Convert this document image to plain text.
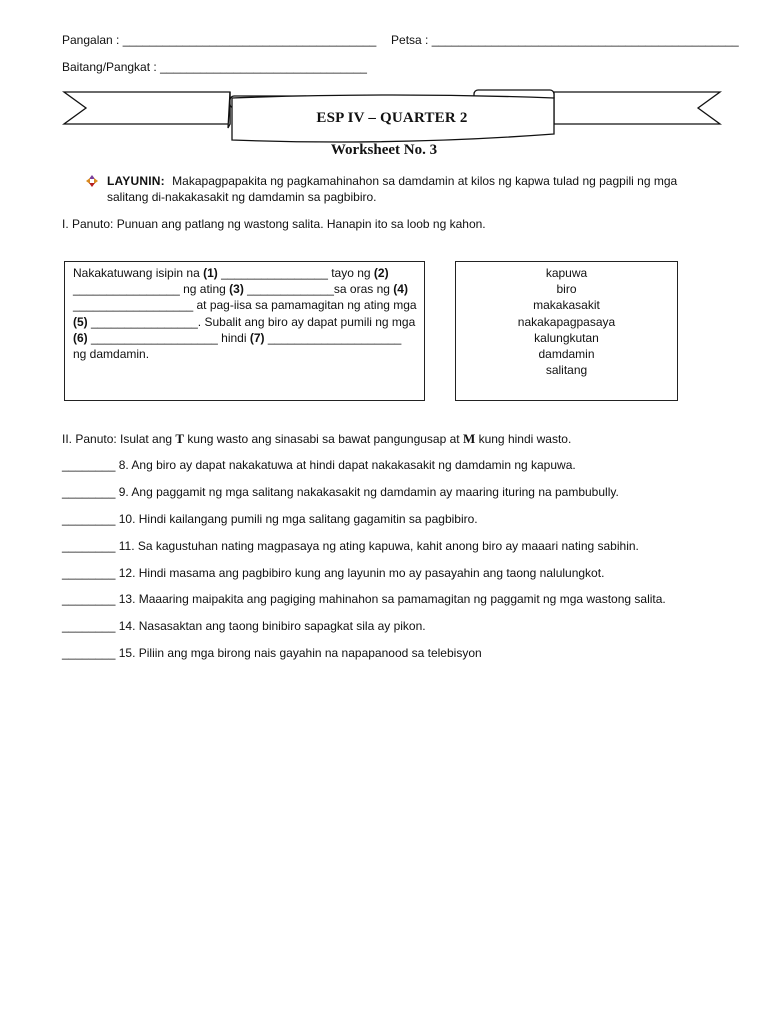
Pangalan : ______________________________________ Petsa : ______________________________________________
Baitang/Pangkat : _______________________________
ESP IV – QUARTER 2
Worksheet No. 3
LAYUNIN: Makapagpapakita ng pagkamahinahon sa damdamin at kilos ng kapwa tulad ng pagpili ng mga salitang di-nakakasakit ng damdamin sa pagbibiro.
I. Panuto: Punuan ang patlang ng wastong salita. Hanapin ito sa loob ng kahon.
Nakakatuwang isipin na (1) ________________ tayo ng (2) ________________ ng ating (3) _____________sa oras ng (4) __________________ at pag-iisa sa pamamagitan ng ating mga (5) ________________. Subalit ang biro ay dapat pumili ng mga (6) ___________________ hindi (7) ____________________ ng damdamin.
kapuwa
biro
makakasakit
nakakapagpasaya
kalungkutan
damdamin
salitang
II. Panuto: Isulat ang T kung wasto ang sinasabi sa bawat pangungusap at M kung hindi wasto.
________ 8. Ang biro ay dapat nakakatuwa at hindi dapat nakakasakit ng damdamin ng kapuwa.
________ 9. Ang paggamit ng mga salitang nakakasakit ng damdamin ay maaring ituring na pambubully.
________ 10. Hindi kailangang pumili ng mga salitang gagamitin sa pagbibiro.
________ 11. Sa kagustuhan nating magpasaya ng ating kapuwa, kahit anong biro ay maaari nating sabihin.
________ 12. Hindi masama ang pagbibiro kung ang layunin mo ay pasayahin ang taong nalulungkot.
________ 13. Maaaring maipakita ang pagiging mahinahon sa pamamagitan ng paggamit ng mga wastong salita.
________ 14. Nasasaktan ang taong binibiro sapagkat sila ay pikon.
________ 15. Piliin ang mga birong nais gayahin na napapanood sa telebisyon
